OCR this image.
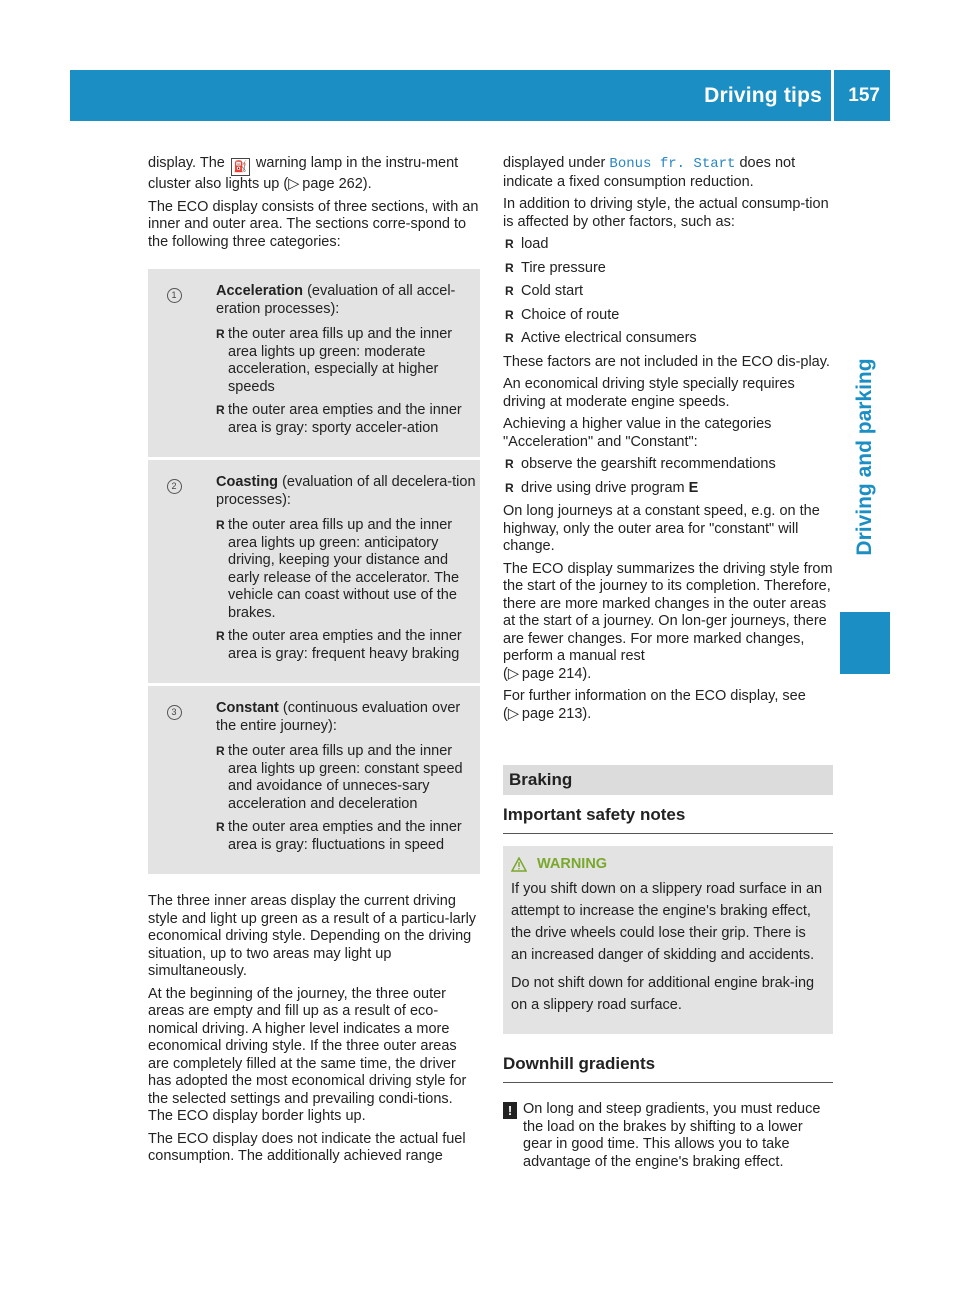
Driving tips 157
Driving and parking

display. The ⛽ warning lamp in the instru-ment cluster also lights up (▷ page 262).

The ECO display consists of three sections, with an inner and outer area. The sections corre-spond to the following three categories:

1	Acceleration (evaluation of all accel-eration processes):

R the outer area fills up and the inner area lights up green: moderate acceleration, especially at higher speeds
R the outer area empties and the inner area is gray: sporty acceler-ation
2	Coasting (evaluation of all decelera-tion processes):

R the outer area fills up and the inner area lights up green: anticipatory driving, keeping your distance and early release of the accelerator. The vehicle can coast without use of the brakes.
R the outer area empties and the inner area is gray: frequent heavy braking
3	Constant (continuous evaluation over the entire journey):

R the outer area fills up and the inner area lights up green: constant speed and avoidance of unneces-sary acceleration and deceleration
R the outer area empties and the inner area is gray: fluctuations in speed

The three inner areas display the current driving style and light up green as a result of a particu-larly economical driving style. Depending on the driving situation, up to two areas may light up simultaneously.

At the beginning of the journey, the three outer areas are empty and fill up as a result of eco-nomical driving. A higher level indicates a more economical driving style. If the three outer areas are completely filled at the same time, the driver has adopted the most economical driving style for the selected settings and prevailing condi-tions. The ECO display border lights up.

The ECO display does not indicate the actual fuel consumption. The additionally achieved range

displayed under Bonus fr. Start does not indicate a fixed consumption reduction.

In addition to driving style, the actual consump-tion is affected by other factors, such as:

R load
R Tire pressure
R Cold start
R Choice of route
R Active electrical consumers

These factors are not included in the ECO dis-play.

An economical driving style specially requires driving at moderate engine speeds.

Achieving a higher value in the categories "Acceleration" and "Constant":

R observe the gearshift recommendations
R drive using drive program E

On long journeys at a constant speed, e.g. on the highway, only the outer area for "constant" will change.

The ECO display summarizes the driving style from the start of the journey to its completion. Therefore, there are more marked changes in the outer areas at the start of a journey. On lon-ger journeys, there are fewer changes. For more marked changes, perform a manual rest
(▷ page 214).

For further information on the ECO display, see
(▷ page 213).

Braking
Important safety notes
WARNING

If you shift down on a slippery road surface in an attempt to increase the engine's braking effect, the drive wheels could lose their grip. There is an increased danger of skidding and accidents.

Do not shift down for additional engine brak-ing on a slippery road surface.

Downhill gradients
! On long and steep gradients, you must reduce the load on the brakes by shifting to a lower gear in good time. This allows you to take advantage of the engine's braking effect.
